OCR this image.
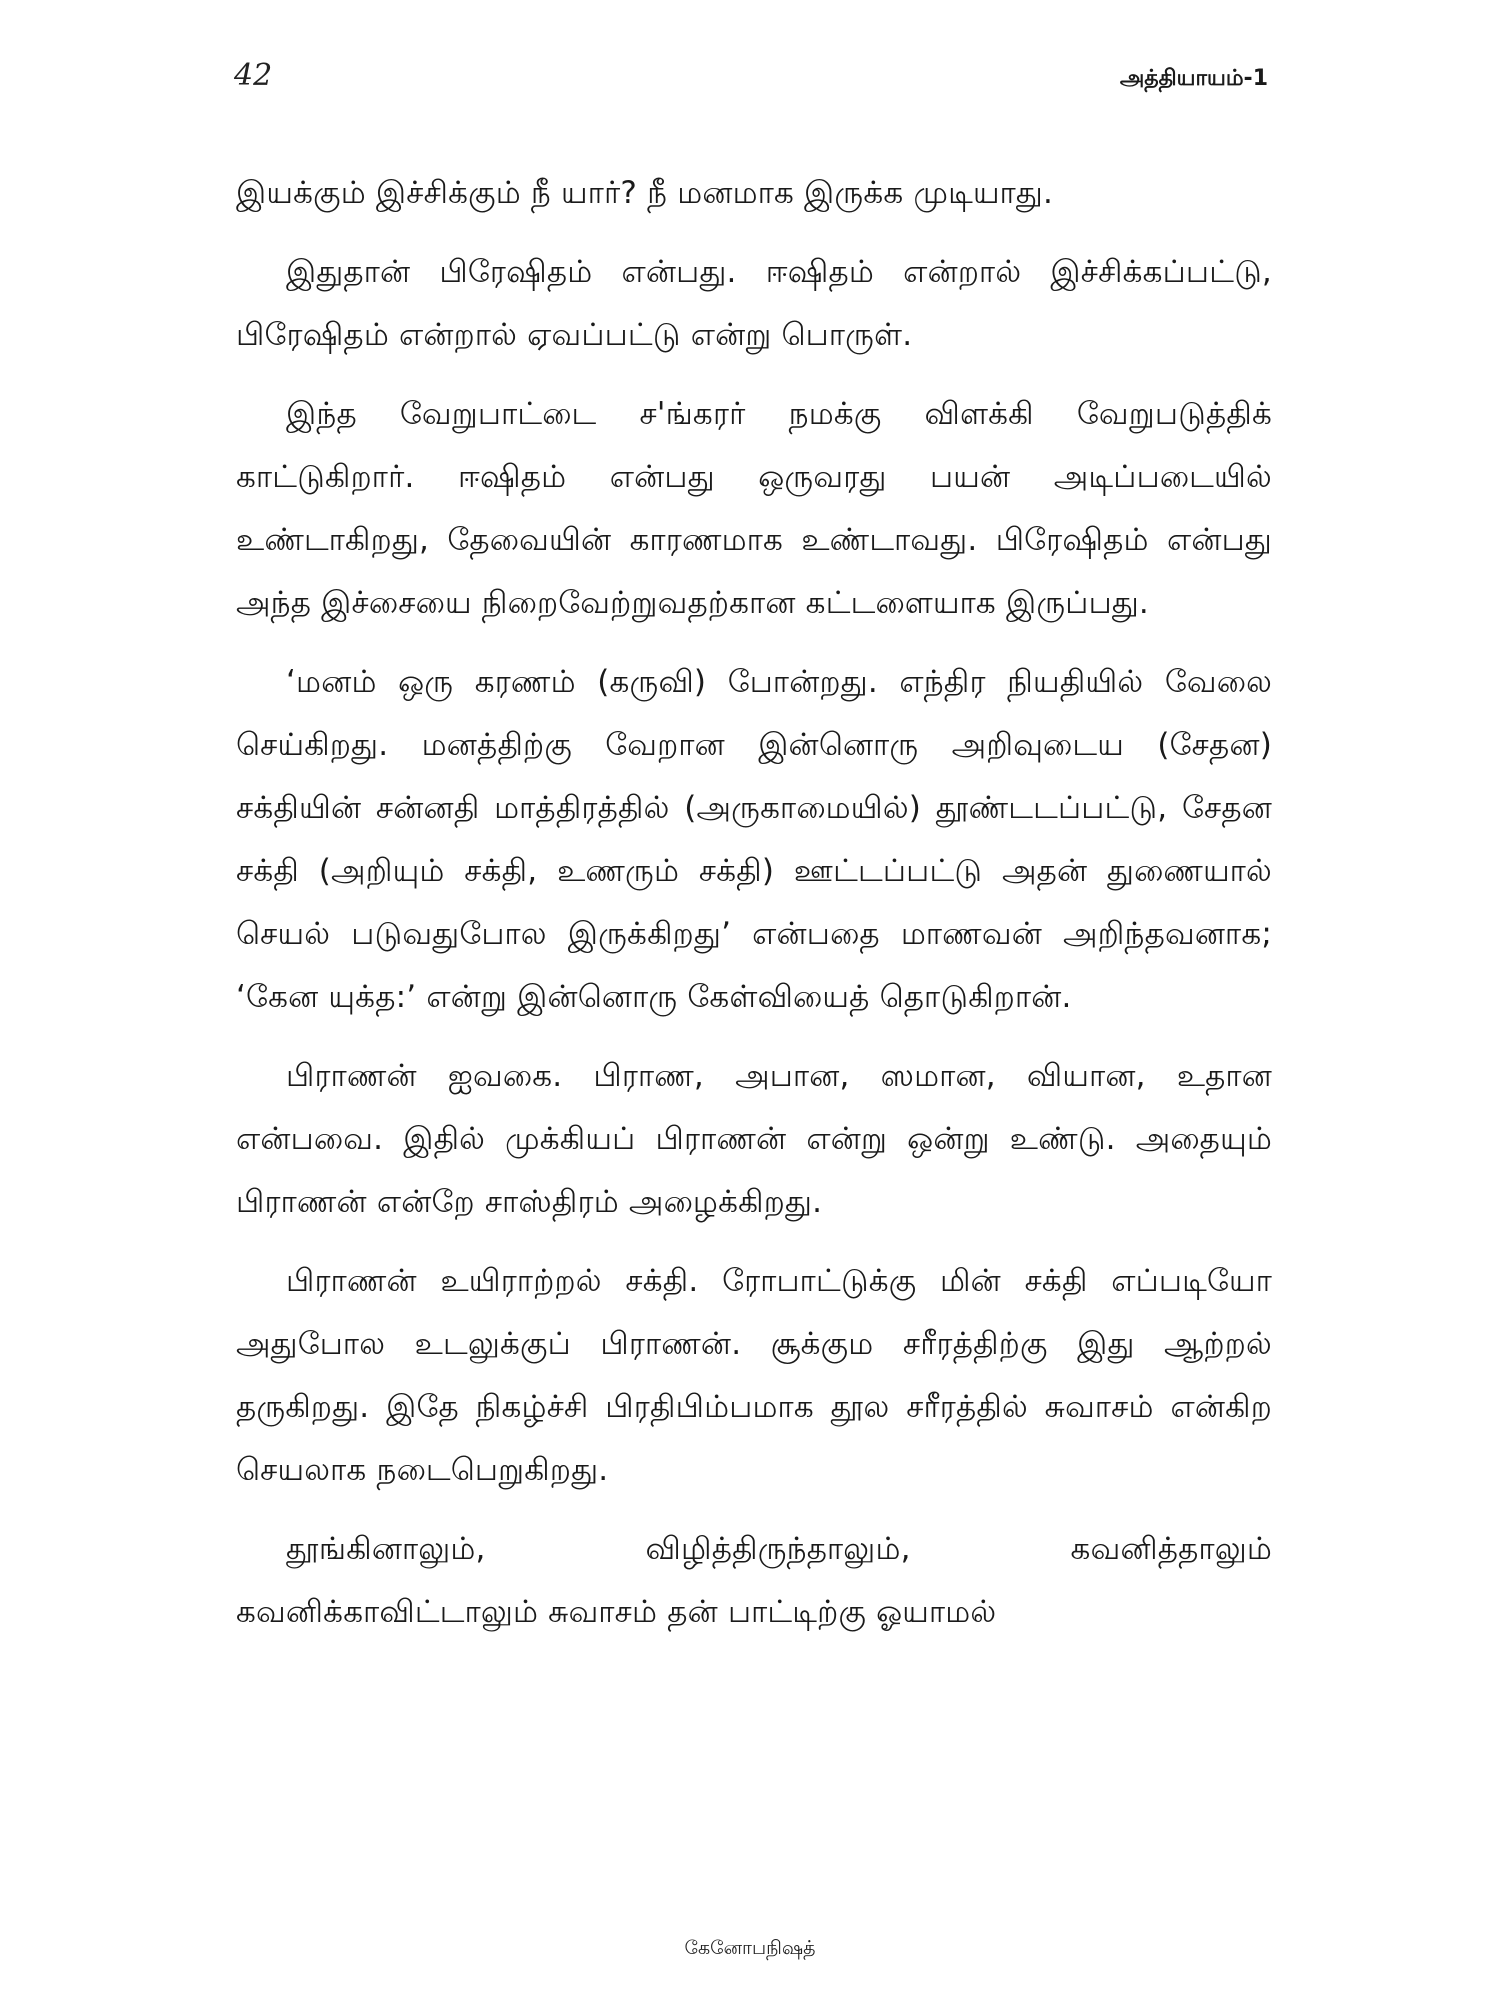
42	அத்தியாயம்-1

இயக்கும் இச்சிக்கும் நீ யார்? நீ மனமாக இருக்க முடியாது.

இதுதான் பிரேஷிதம் என்பது. ஈஷிதம் என்றால் இச்சிக்கப்பட்டு, பிரேஷிதம் என்றால் ஏவப்பட்டு என்று பொருள்.

இந்த வேறுபாட்டை ச'ங்கரர் நமக்கு விளக்கி வேறுபடுத்திக் காட்டுகிறார். ஈஷிதம் என்பது ஒருவரது பயன் அடிப்படையில் உண்டாகிறது, தேவையின் காரணமாக உண்டாவது. பிரேஷிதம் என்பது அந்த இச்சையை நிறைவேற்றுவதற்கான கட்டளையாக இருப்பது.

‘மனம் ஒரு கரணம் (கருவி) போன்றது. எந்திர நியதியில் வேலை செய்கிறது. மனத்திற்கு வேறான இன்னொரு அறிவுடைய (சேதன) சக்தியின் சன்னதி மாத்திரத்தில் (அருகாமையில்) தூண்டடப்பட்டு, சேதன சக்தி (அறியும் சக்தி, உணரும் சக்தி) ஊட்டப்பட்டு அதன் துணையால் செயல் படுவதுபோல இருக்கிறது’ என்பதை மாணவன் அறிந்தவனாக; ‘கேன யுக்த:’ என்று இன்னொரு கேள்வியைத் தொடுகிறான்.

பிராணன் ஐவகை. பிராண, அபான, ஸமான, வியான, உதான என்பவை. இதில் முக்கியப் பிராணன் என்று ஒன்று உண்டு. அதையும் பிராணன் என்றே சாஸ்திரம் அழைக்கிறது.

பிராணன் உயிராற்றல் சக்தி. ரோபாட்டுக்கு மின் சக்தி எப்படியோ அதுபோல உடலுக்குப் பிராணன். சூக்கும சரீரத்திற்கு இது ஆற்றல் தருகிறது. இதே நிகழ்ச்சி பிரதிபிம்பமாக தூல சரீரத்தில் சுவாசம் என்கிற செயலாக நடைபெறுகிறது.

தூங்கினாலும், விழித்திருந்தாலும், கவனித்தாலும் கவனிக்காவிட்டாலும் சுவாசம் தன் பாட்டிற்கு ஓயாமல்

கேனோபநிஷத்
